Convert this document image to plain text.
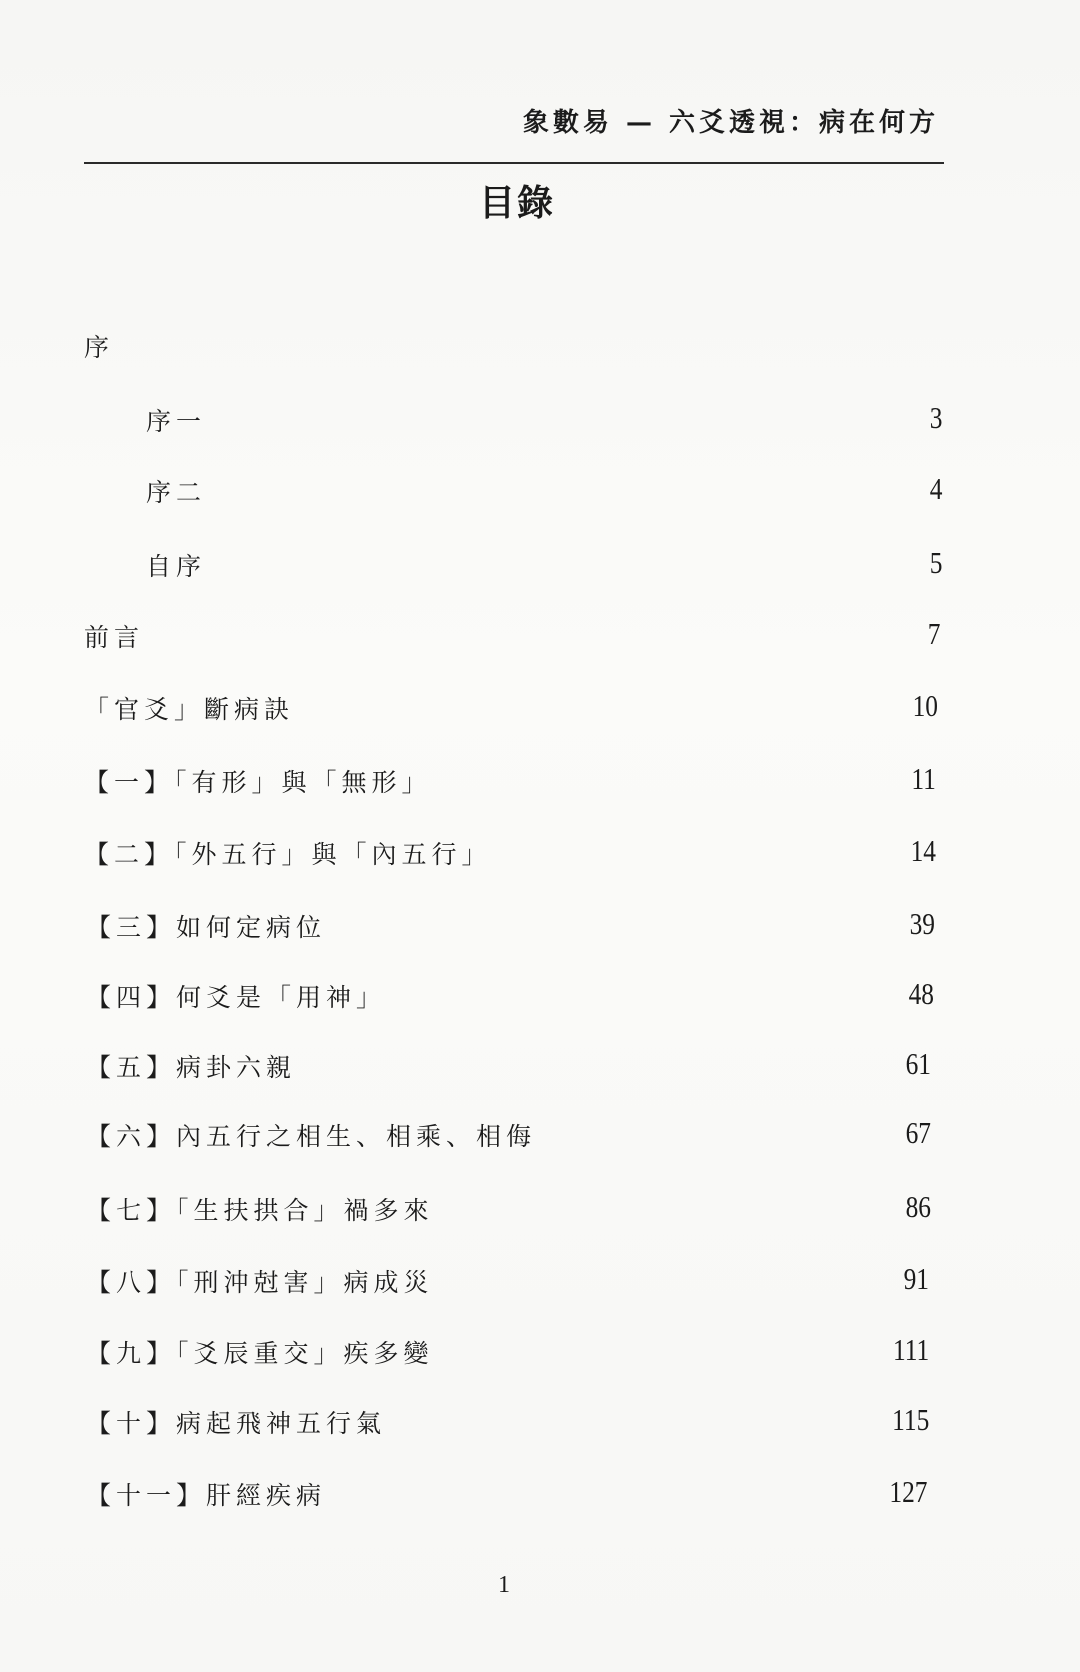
象數易 — 六爻透視：病在何方
目錄
序
序一	3
序二	4
自序	5
前言	7
「官爻」斷病訣	10
【一】「有形」與「無形」	11
【二】「外五行」與「內五行」	14
【三】如何定病位	39
【四】何爻是「用神」	48
【五】病卦六親	61
【六】內五行之相生、相乘、相侮	67
【七】「生扶拱合」禍多來	86
【八】「刑沖尅害」病成災	91
【九】「爻辰重交」疾多變	111
【十】病起飛神五行氣	115
【十一】肝經疾病	127
1
